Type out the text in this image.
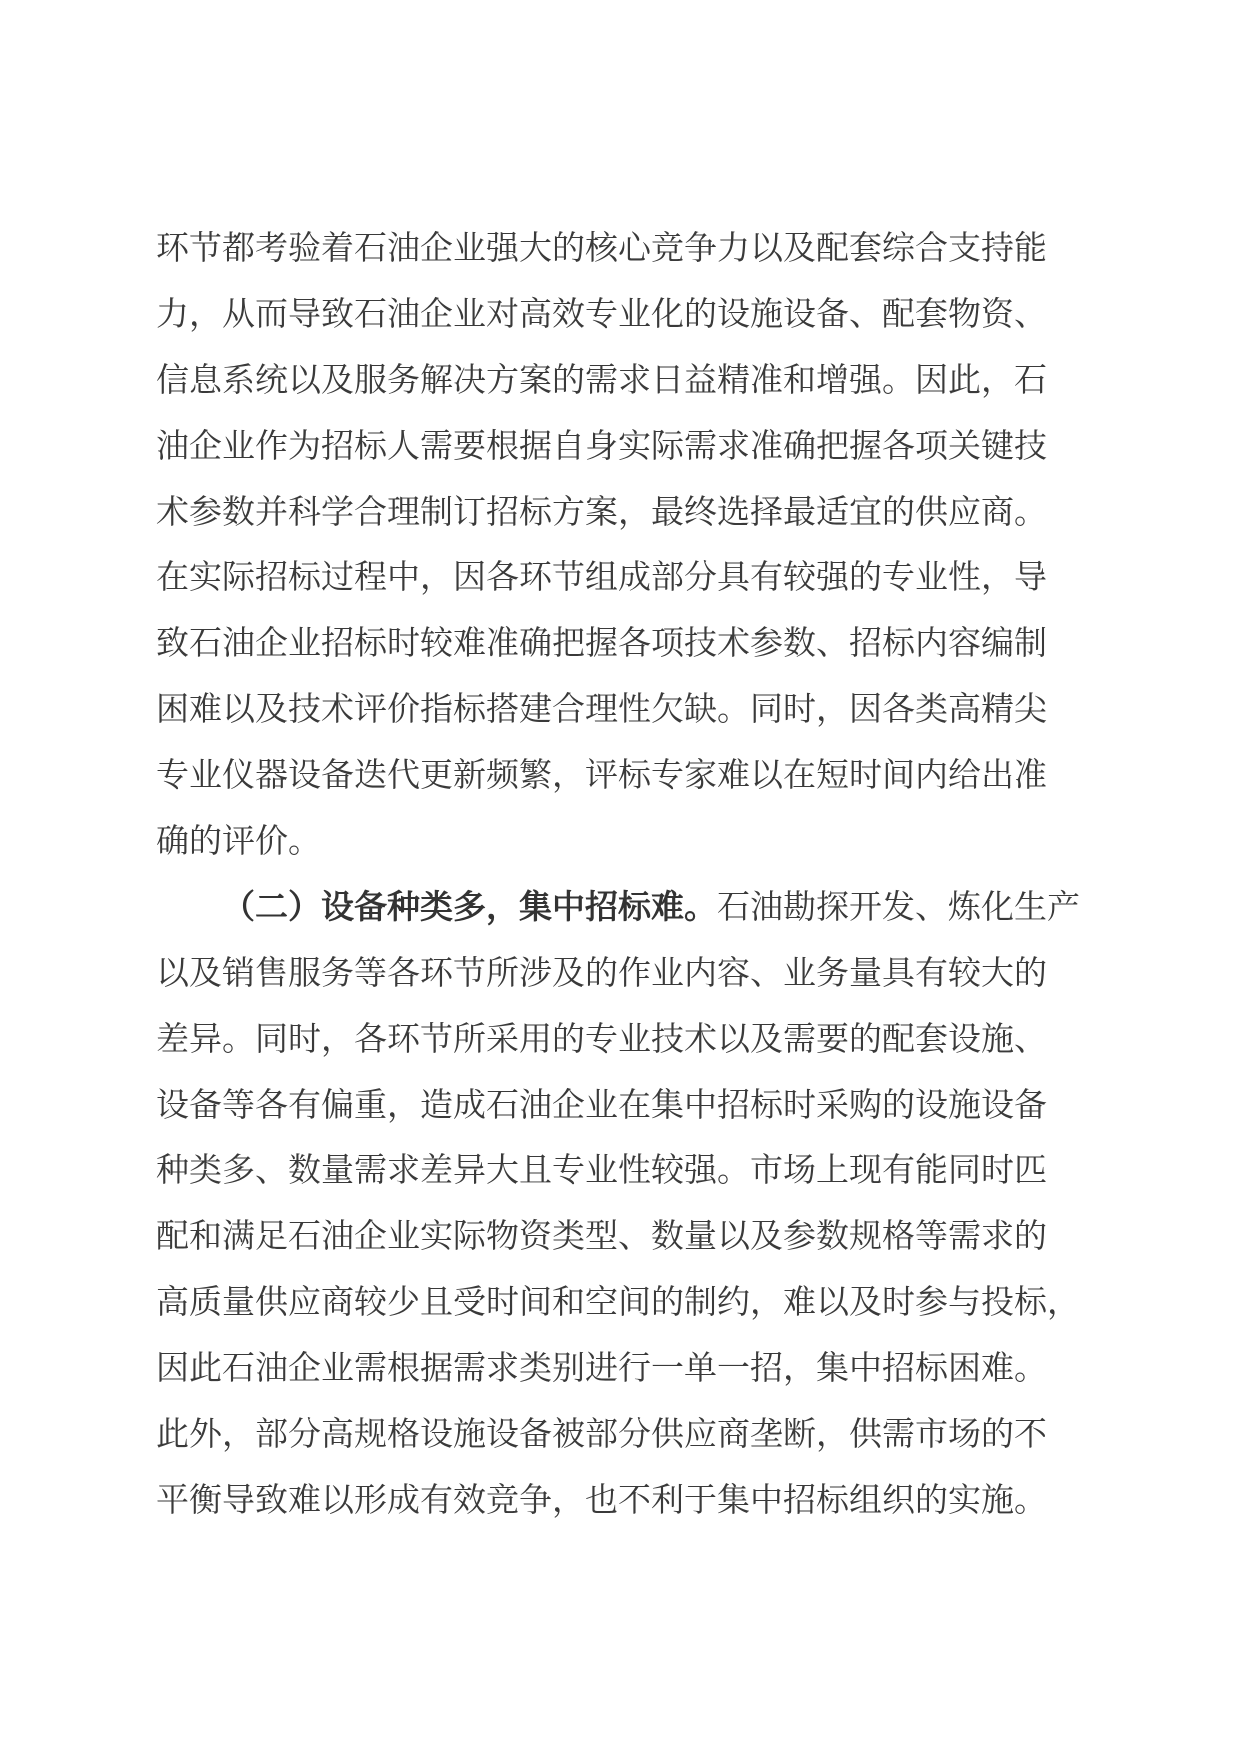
环节都考验着石油企业强大的核心竞争力以及配套综合支持能
力，从而导致石油企业对高效专业化的设施设备、配套物资、
信息系统以及服务解决方案的需求日益精准和增强。因此，石
油企业作为招标人需要根据自身实际需求准确把握各项关键技
术参数并科学合理制订招标方案，最终选择最适宜的供应商。
在实际招标过程中，因各环节组成部分具有较强的专业性，导
致石油企业招标时较难准确把握各项技术参数、招标内容编制
困难以及技术评价指标搭建合理性欠缺。同时，因各类高精尖
专业仪器设备迭代更新频繁，评标专家难以在短时间内给出准
确的评价。
（二）设备种类多，集中招标难。石油勘探开发、炼化生产
以及销售服务等各环节所涉及的作业内容、业务量具有较大的
差异。同时，各环节所采用的专业技术以及需要的配套设施、
设备等各有偏重，造成石油企业在集中招标时采购的设施设备
种类多、数量需求差异大且专业性较强。市场上现有能同时匹
配和满足石油企业实际物资类型、数量以及参数规格等需求的
高质量供应商较少且受时间和空间的制约，难以及时参与投标，
因此石油企业需根据需求类别进行一单一招，集中招标困难。
此外，部分高规格设施设备被部分供应商垄断，供需市场的不
平衡导致难以形成有效竞争，也不利于集中招标组织的实施。
